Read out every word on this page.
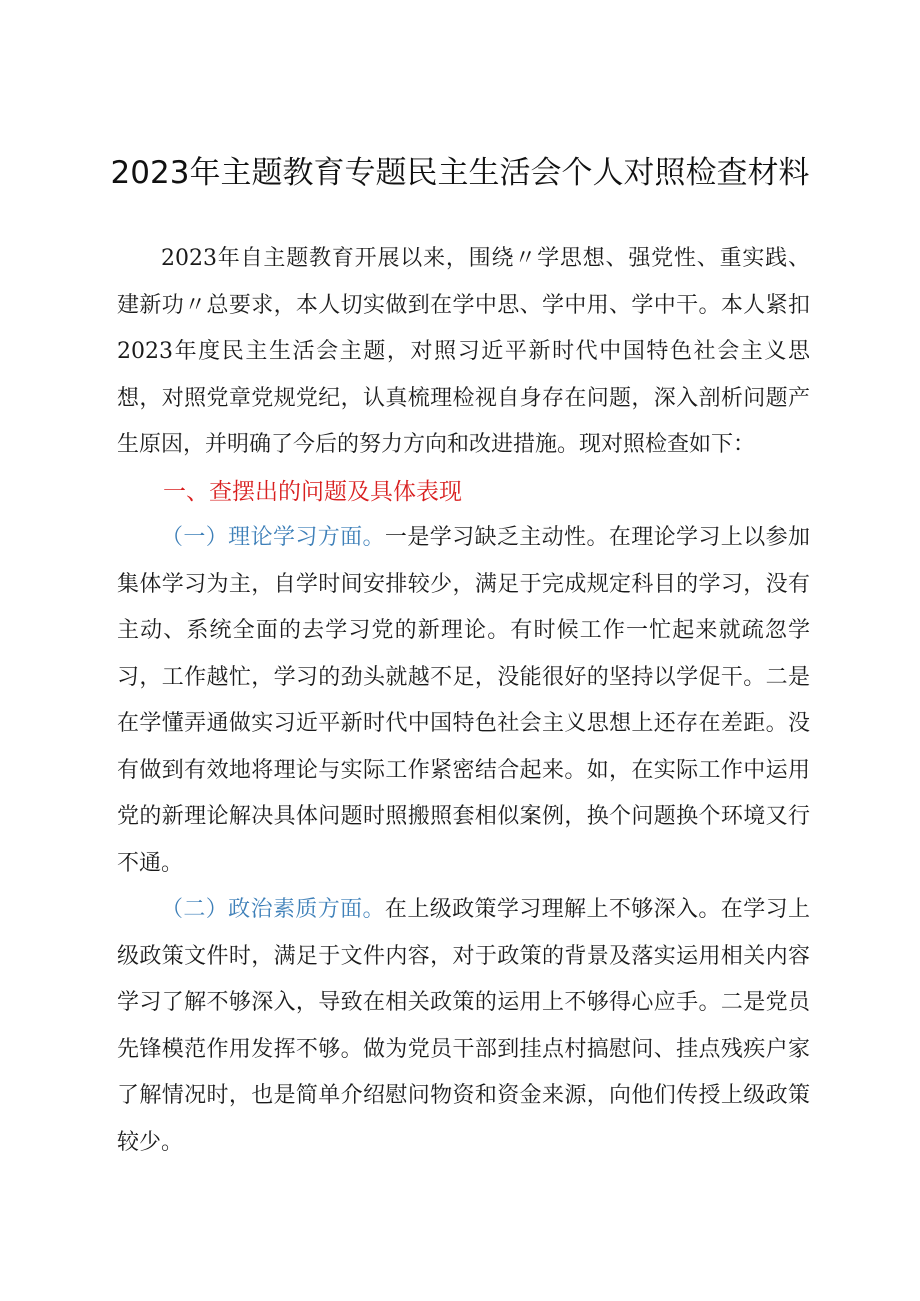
2023年主题教育专题民主生活会个人对照检查材料

2023年自主题教育开展以来，围绕〃学思想、强党性、重实践、建新功〃总要求，本人切实做到在学中思、学中用、学中干。本人紧扣2023年度民主生活会主题，对照习近平新时代中国特色社会主义思想，对照党章党规党纪，认真梳理检视自身存在问题，深入剖析问题产生原因，并明确了今后的努力方向和改进措施。现对照检查如下：

一、查摆出的问题及具体表现

（一）理论学习方面。一是学习缺乏主动性。在理论学习上以参加集体学习为主，自学时间安排较少，满足于完成规定科目的学习，没有主动、系统全面的去学习党的新理论。有时候工作一忙起来就疏忽学习，工作越忙，学习的劲头就越不足，没能很好的坚持以学促干。二是在学懂弄通做实习近平新时代中国特色社会主义思想上还存在差距。没有做到有效地将理论与实际工作紧密结合起来。如，在实际工作中运用党的新理论解决具体问题时照搬照套相似案例，换个问题换个环境又行不通。

（二）政治素质方面。在上级政策学习理解上不够深入。在学习上级政策文件时，满足于文件内容，对于政策的背景及落实运用相关内容学习了解不够深入，导致在相关政策的运用上不够得心应手。二是党员先锋模范作用发挥不够。做为党员干部到挂点村搞慰问、挂点残疾户家了解情况时，也是简单介绍慰问物资和资金来源，向他们传授上级政策较少。
